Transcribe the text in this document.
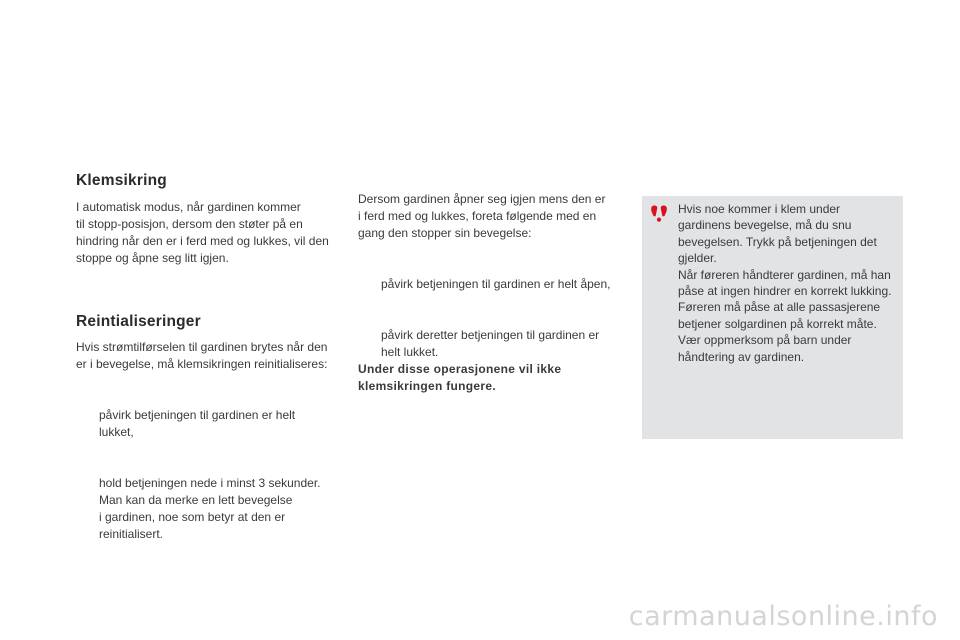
Klemsikring

I automatisk modus, når gardinen kommer
til stopp-posisjon, dersom den støter på en
hindring når den er i ferd med og lukkes, vil den
stoppe og åpne seg litt igjen.

Reintialiseringer

Hvis strømtilførselen til gardinen brytes når den
er i bevegelse, må klemsikringen reinitialiseres:

påvirk betjeningen til gardinen er helt
lukket,

hold betjeningen nede i minst 3 sekunder.
Man kan da merke en lett bevegelse
i gardinen, noe som betyr at den er
reinitialisert.

Dersom gardinen åpner seg igjen mens den er
i ferd med og lukkes, foreta følgende med en
gang den stopper sin bevegelse:

påvirk betjeningen til gardinen er helt åpen,

påvirk deretter betjeningen til gardinen er
helt lukket.

Under disse operasjonene vil ikke
klemsikringen fungere.

Hvis noe kommer i klem under
gardinens bevegelse, må du snu
bevegelsen. Trykk på betjeningen det
gjelder.
Når føreren håndterer gardinen, må han
påse at ingen hindrer en korrekt lukking.
Føreren må påse at alle passasjerene
betjener solgardinen på korrekt måte.
Vær oppmerksom på barn under
håndtering av gardinen.
carmanualsonline.info
